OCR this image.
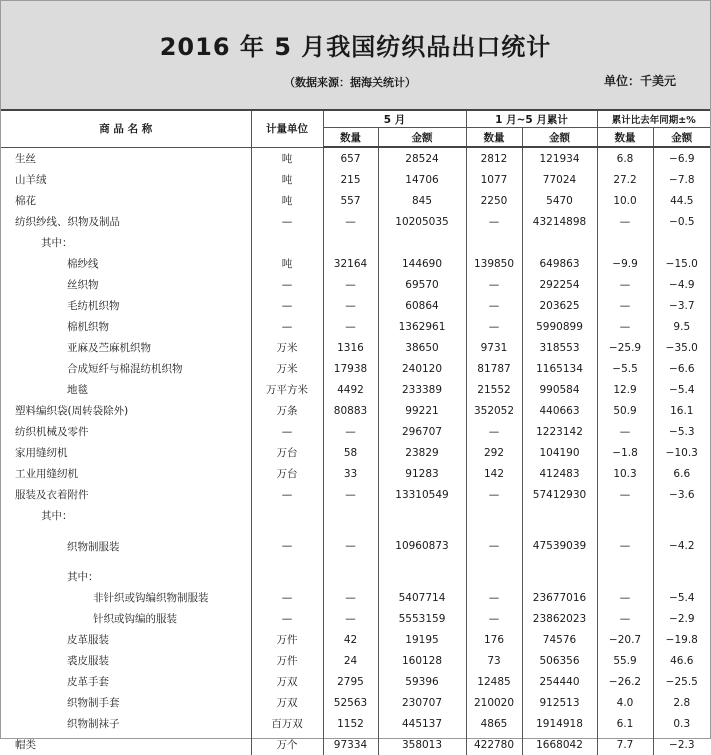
2016 年 5 月我国纺织品出口统计
（数据来源：据海关统计）	单位：千美元
商 品 名 称	计量单位	5 月		1 月~5 月累计		累计比去年同期±%	
		数量	金额	数量	金额	数量	金额
生丝	吨	657	28524	2812	121934	6.8	−6.9
山羊绒	吨	215	14706	1077	77024	27.2	−7.8
棉花	吨	557	845	2250	5470	10.0	44.5
纺织纱线、织物及制品	—	—	10205035	—	43214898	—	−0.5
其中：							
棉纱线	吨	32164	144690	139850	649863	−9.9	−15.0
丝织物	—	—	69570	—	292254	—	−4.9
毛纺机织物	—	—	60864	—	203625	—	−3.7
棉机织物	—	—	1362961	—	5990899	—	9.5
亚麻及苎麻机织物	万米	1316	38650	9731	318553	−25.9	−35.0
合成短纤与棉混纺机织物	万米	17938	240120	81787	1165134	−5.5	−6.6
地毯	万平方米	4492	233389	21552	990584	12.9	−5.4
塑料编织袋(周转袋除外)	万条	80883	99221	352052	440663	50.9	16.1
纺织机械及零件	—	—	296707	—	1223142	—	−5.3
家用缝纫机	万台	58	23829	292	104190	−1.8	−10.3
工业用缝纫机	万台	33	91283	142	412483	10.3	6.6
服装及衣着附件	—	—	13310549	—	57412930	—	−3.6
其中：							
织物制服装	—	—	10960873	—	47539039	—	−4.2
其中：							
非针织或钩编织物制服装	—	—	5407714	—	23677016	—	−5.4
针织或钩编的服装	—	—	5553159	—	23862023	—	−2.9
皮革服装	万件	42	19195	176	74576	−20.7	−19.8
裘皮服装	万件	24	160128	73	506356	55.9	46.6
皮革手套	万双	2795	59396	12485	254440	−26.2	−25.5
织物制手套	万双	52563	230707	210020	912513	4.0	2.8
织物制袜子	百万双	1152	445137	4865	1914918	6.1	0.3
帽类	万个	97334	358013	422780	1668042	7.7	−2.3
